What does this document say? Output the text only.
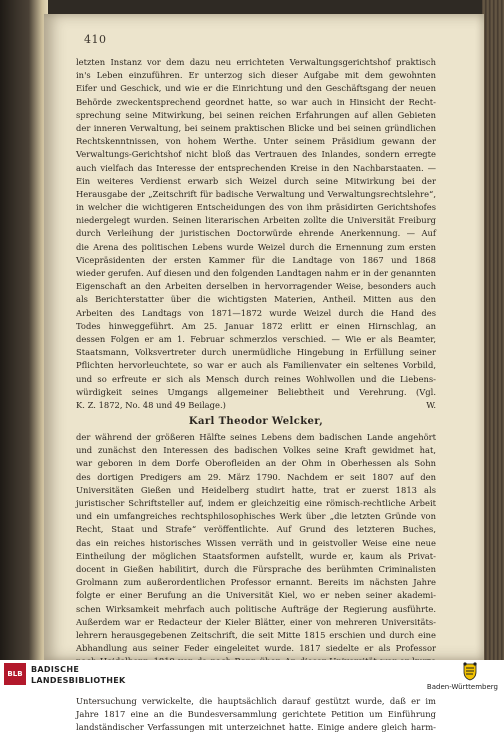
410
letzten Instanz vor dem dazu neu errichteten Verwaltungsgerichtshof praktisch
in's Leben einzuführen. Er unterzog sich dieser Aufgabe mit dem gewohnten
Eifer und Geschick, und wie er die Einrichtung und den Geschäftsgang der neuen
Behörde zweckentsprechend geordnet hatte, so war auch in Hinsicht der Recht-
sprechung seine Mitwirkung, bei seinen reichen Erfahrungen auf allen Gebieten
der inneren Verwaltung, bei seinem praktischen Blicke und bei seinen gründlichen
Rechtskenntnissen, von hohem Werthe. Unter seinem Präsidium gewann der
Verwaltungs-Gerichtshof nicht bloß das Vertrauen des Inlandes, sondern erregte
auch vielfach das Interesse der entsprechenden Kreise in den Nachbarstaaten. —
Ein weiteres Verdienst erwarb sich Weizel durch seine Mitwirkung bei der
Herausgabe der „Zeitschrift für badische Verwaltung und Verwaltungsrechtslehre“,
in welcher die wichtigeren Entscheidungen des von ihm präsidirten Gerichtshofes
niedergelegt wurden. Seinen literarischen Arbeiten zollte die Universität Freiburg
durch Verleihung der juristischen Doctorwürde ehrende Anerkennung. — Auf
die Arena des politischen Lebens wurde Weizel durch die Ernennung zum ersten
Vicepräsidenten der ersten Kammer für die Landtage von 1867 und 1868
wieder gerufen. Auf diesen und den folgenden Landtagen nahm er in der genannten
Eigenschaft an den Arbeiten derselben in hervorragender Weise, besonders auch
als Berichterstatter über die wichtigsten Materien, Antheil. Mitten aus den
Arbeiten des Landtags von 1871—1872 wurde Weizel durch die Hand des
Todes hinweggeführt. Am 25. Januar 1872 erlitt er einen Hirnschlag, an
dessen Folgen er am 1. Februar schmerzlos verschied. — Wie er als Beamter,
Staatsmann, Volksvertreter durch unermüdliche Hingebung in Erfüllung seiner
Pflichten hervorleuchtete, so war er auch als Familienvater ein seltenes Vorbild,
und so erfreute er sich als Mensch durch reines Wohlwollen und die Liebens-
würdigkeit seines Umgangs allgemeiner Beliebtheit und Verehrung. (Vgl.
K. Z. 1872, No. 48 und 49 Beilage.)	W.
Karl Theodor Welcker,
der während der größeren Hälfte seines Lebens dem badischen Lande angehört
und zunächst den Interessen des badischen Volkes seine Kraft gewidmet hat,
war geboren in dem Dorfe Oberofleiden an der Ohm in Oberhessen als Sohn
des dortigen Predigers am 29. März 1790. Nachdem er seit 1807 auf den
Universitäten Gießen und Heidelberg studirt hatte, trat er zuerst 1813 als
juristischer Schriftsteller auf, indem er gleichzeitig eine römisch-rechtliche Arbeit
und ein umfangreiches rechtsphilosophisches Werk über „die letzten Gründe von
Recht, Staat und Strafe“ veröffentlichte. Auf Grund des letzteren Buches,
das ein reiches historisches Wissen verräth und in geistvoller Weise eine neue
Eintheilung der möglichen Staatsformen aufstellt, wurde er, kaum als Privat-
docent in Gießen habilitirt, durch die Fürsprache des berühmten Criminalisten
Grolmann zum außerordentlichen Professor ernannt. Bereits im nächsten Jahre
folgte er einer Berufung an die Universität Kiel, wo er neben seiner akademi-
schen Wirksamkeit mehrfach auch politische Aufträge der Regierung ausführte.
Außerdem war er Redacteur der Kieler Blätter, einer von mehreren Universitäts-
lehrern herausgegebenen Zeitschrift, die seit Mitte 1815 erschien und durch eine
Abhandlung aus seiner Feder eingeleitet wurde. 1817 siedelte er als Professor
Untersuchung verwickelte, die hauptsächlich darauf gestützt wurde, daß er im
Jahre 1817 eine an die Bundesversammlung gerichtete Petition um Einführung
landständischer Verfassungen mit unterzeichnet hatte. Einige andere gleich harm-
BLB	BADISCHE
LANDESBIBLIOTHEK
Baden-Württemberg
